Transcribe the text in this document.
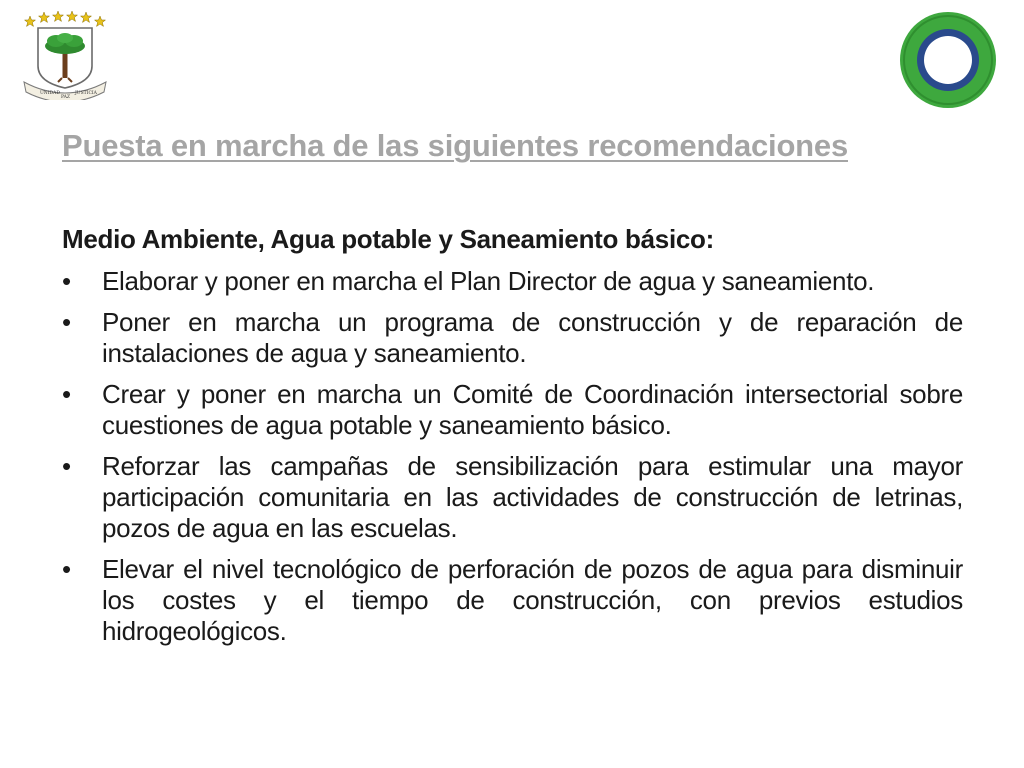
UNIDAD
PAZ
JUSTICIA
Puesta en marcha de las siguientes recomendaciones
Medio Ambiente, Agua potable y Saneamiento básico:
•	Elaborar y poner en marcha el Plan Director de agua y saneamiento.
•	Poner en marcha un programa de construcción y de reparación de instalaciones de agua y saneamiento.
•	Crear y poner en marcha un Comité de Coordinación intersectorial sobre cuestiones de agua potable y saneamiento básico.
•	Reforzar las campañas de sensibilización para estimular una mayor participación comunitaria en las actividades de construcción de letrinas, pozos de agua en las escuelas.
•	Elevar el nivel tecnológico de perforación de pozos de agua para disminuir los costes y el tiempo de construcción, con previos estudios hidrogeológicos.
